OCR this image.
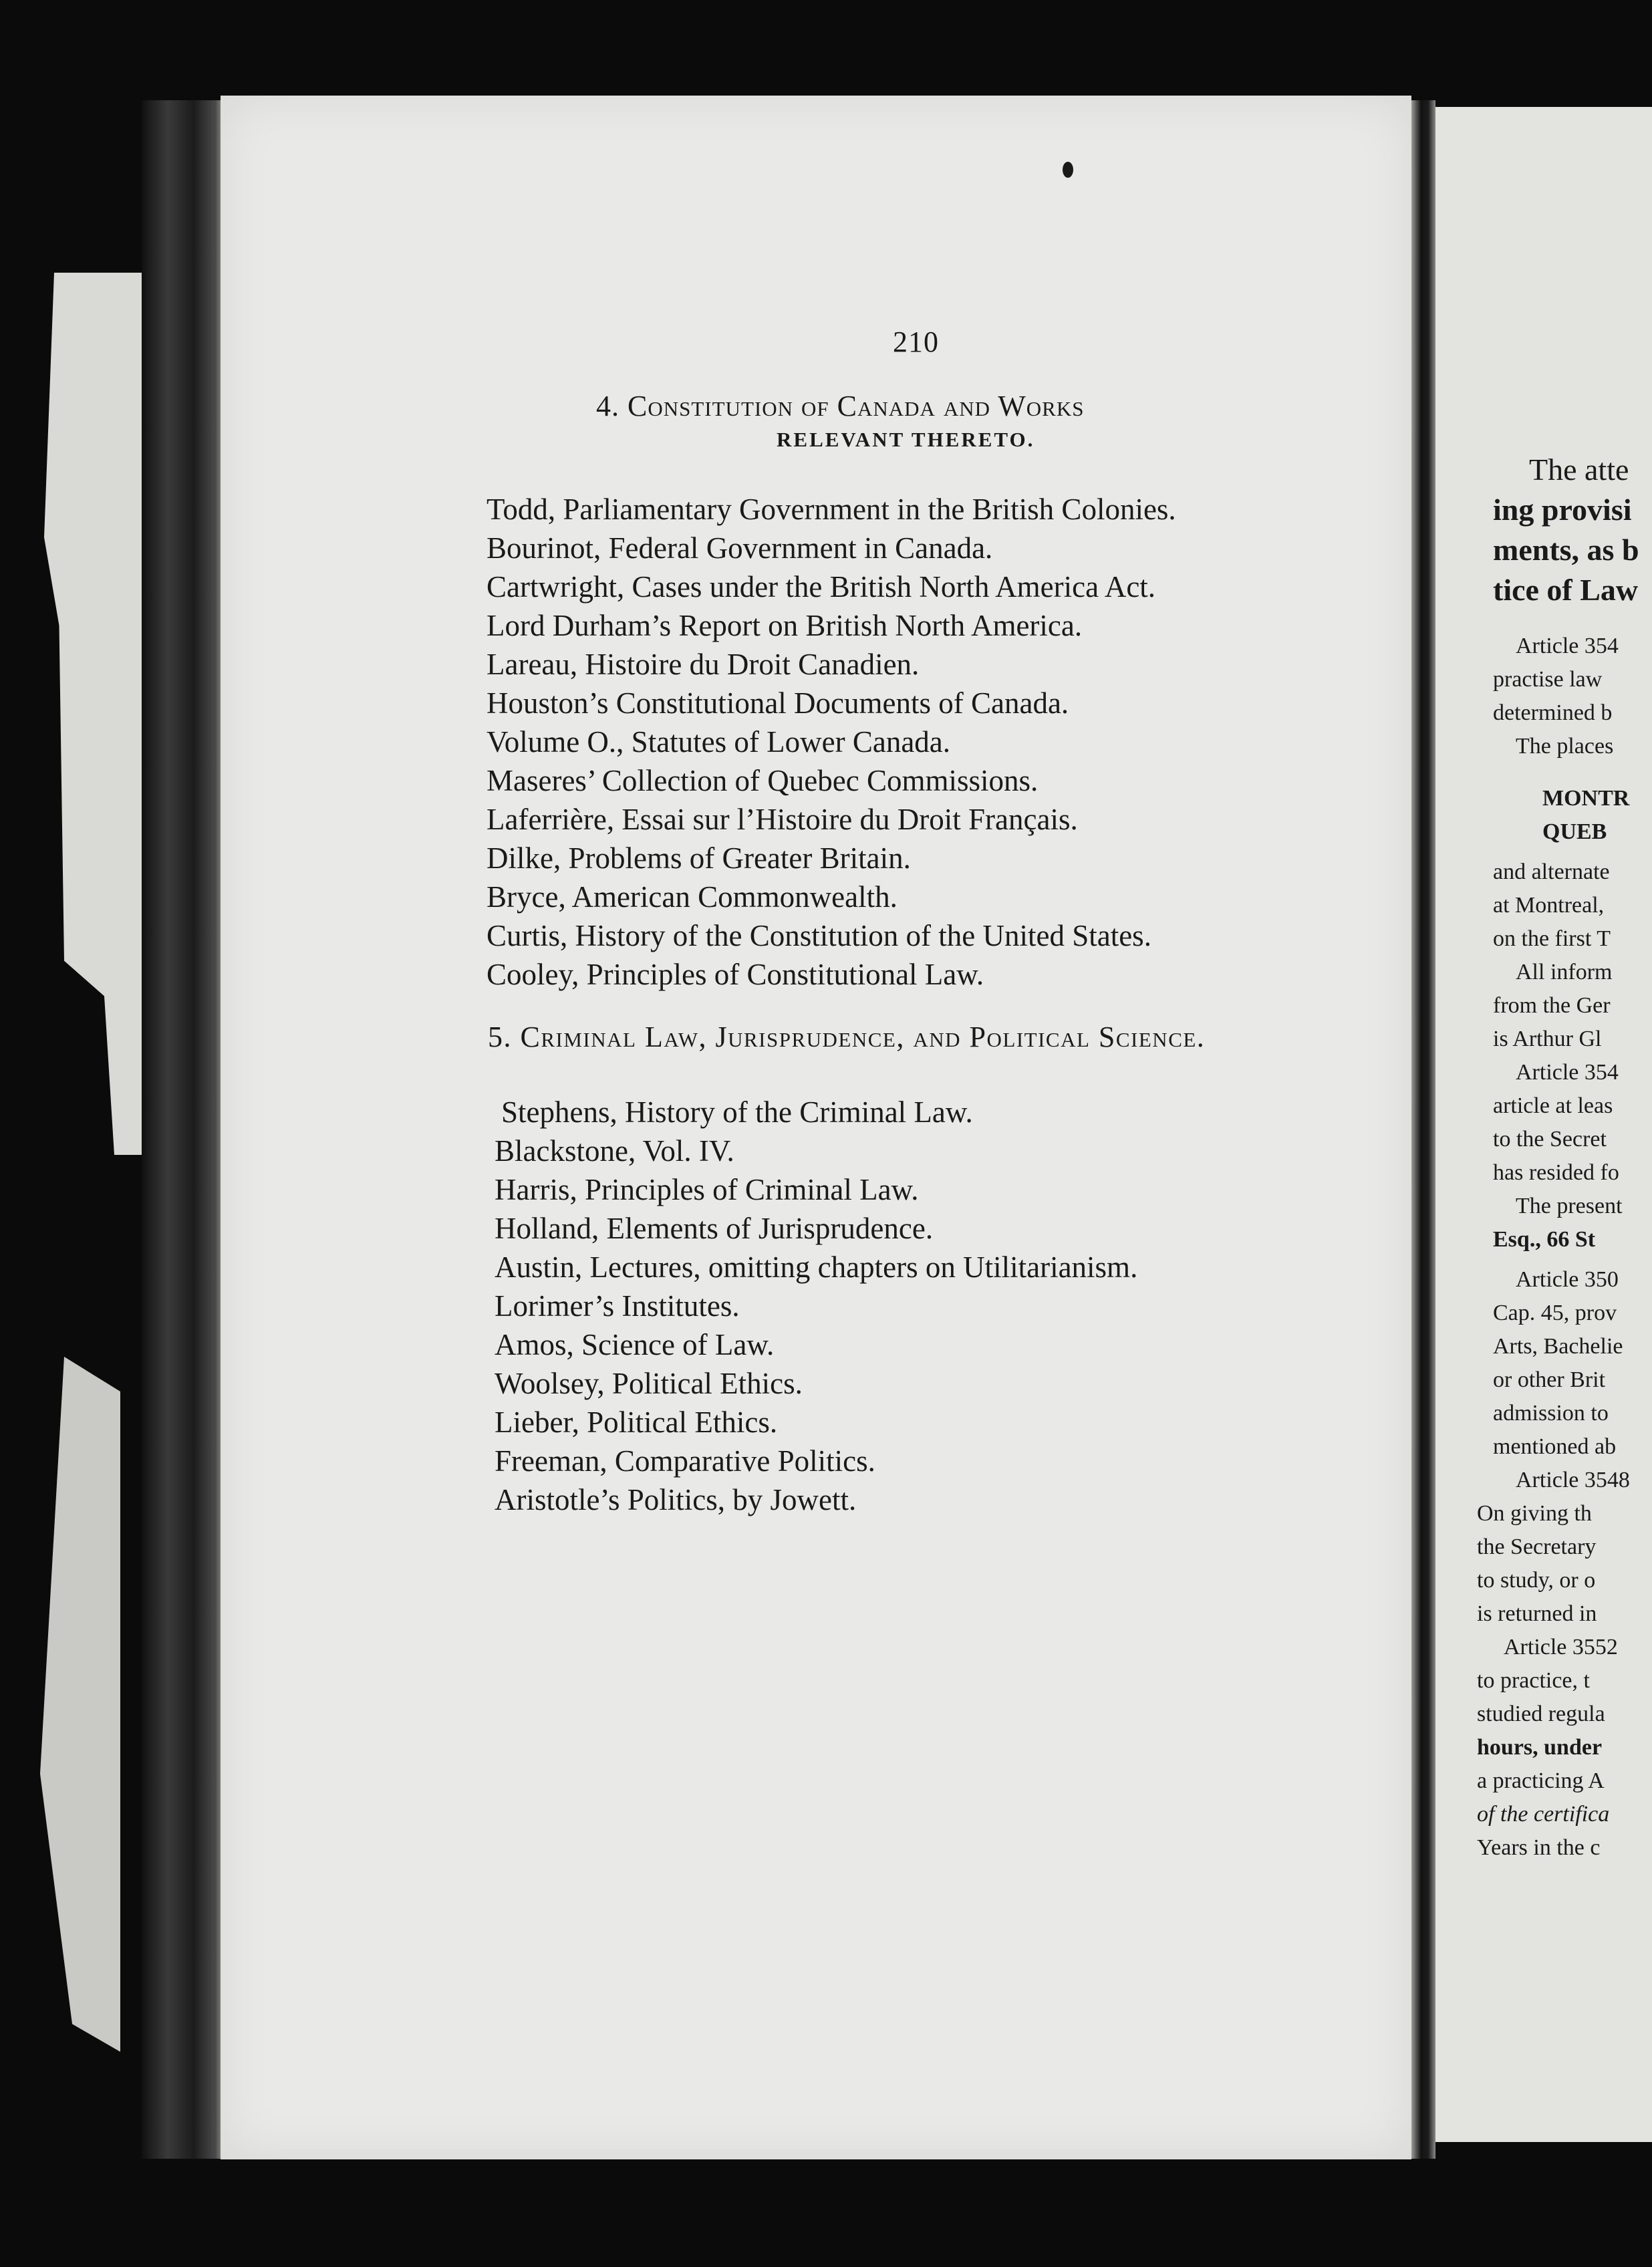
The atte
ing provisi
ments, as b
tice of Law
Article 354
practise law
determined b
The places
MONTR
QUEB
and alternate
at Montreal,
on the first T
All inform
from the Ger
is Arthur Gl
Article 354
article at leas
to the Secret
has resided fo
The present
Esq., 66 St
Article 350
Cap. 45, prov
Arts, Bachelie
or other Brit
admission to
mentioned ab
Article 3548
On giving th
the Secretary
to study, or o
is returned in
Article 3552
to practice, t
studied regula
hours, under
a practicing A
of the certifica
Years in the c
210
4. Constitution of Canada and Works
RELEVANT THERETO.
Todd, Parliamentary Government in the British Colonies.
Bourinot, Federal Government in Canada.
Cartwright, Cases under the British North America Act.
Lord Durham’s Report on British North America.
Lareau, Histoire du Droit Canadien.
Houston’s Constitutional Documents of Canada.
Volume O., Statutes of Lower Canada.
Maseres’ Collection of Quebec Commissions.
Laferrière, Essai sur l’Histoire du Droit Français.
Dilke, Problems of Greater Britain.
Bryce, American Commonwealth.
Curtis, History of the Constitution of the United States.
Cooley, Principles of Constitutional Law.
5. Criminal Law, Jurisprudence, and Political Science.
Stephens, History of the Criminal Law.
Blackstone, Vol. IV.
Harris, Principles of Criminal Law.
Holland, Elements of Jurisprudence.
Austin, Lectures, omitting chapters on Utilitarianism.
Lorimer’s Institutes.
Amos, Science of Law.
Woolsey, Political Ethics.
Lieber, Political Ethics.
Freeman, Comparative Politics.
Aristotle’s Politics, by Jowett.
